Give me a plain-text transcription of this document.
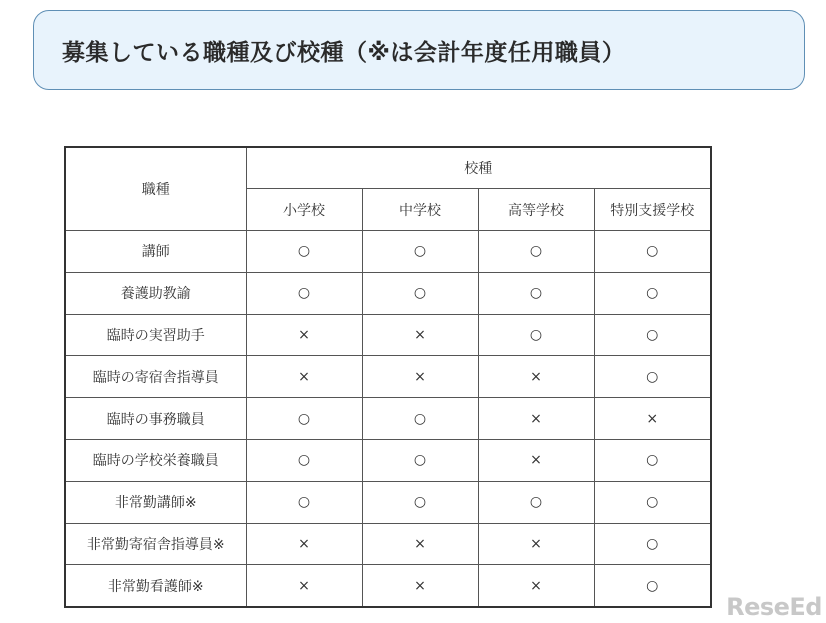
募集している職種及び校種（※は会計年度任用職員）
職種	校種			
	小学校	中学校	高等学校	特別支援学校
講師	○	○	○	○
養護助教諭	○	○	○	○
臨時の実習助手	×	×	○	○
臨時の寄宿舎指導員	×	×	×	○
臨時の事務職員	○	○	×	×
臨時の学校栄養職員	○	○	×	○
非常勤講師※	○	○	○	○
非常勤寄宿舎指導員※	×	×	×	○
非常勤看護師※	×	×	×	○
ReseEd
